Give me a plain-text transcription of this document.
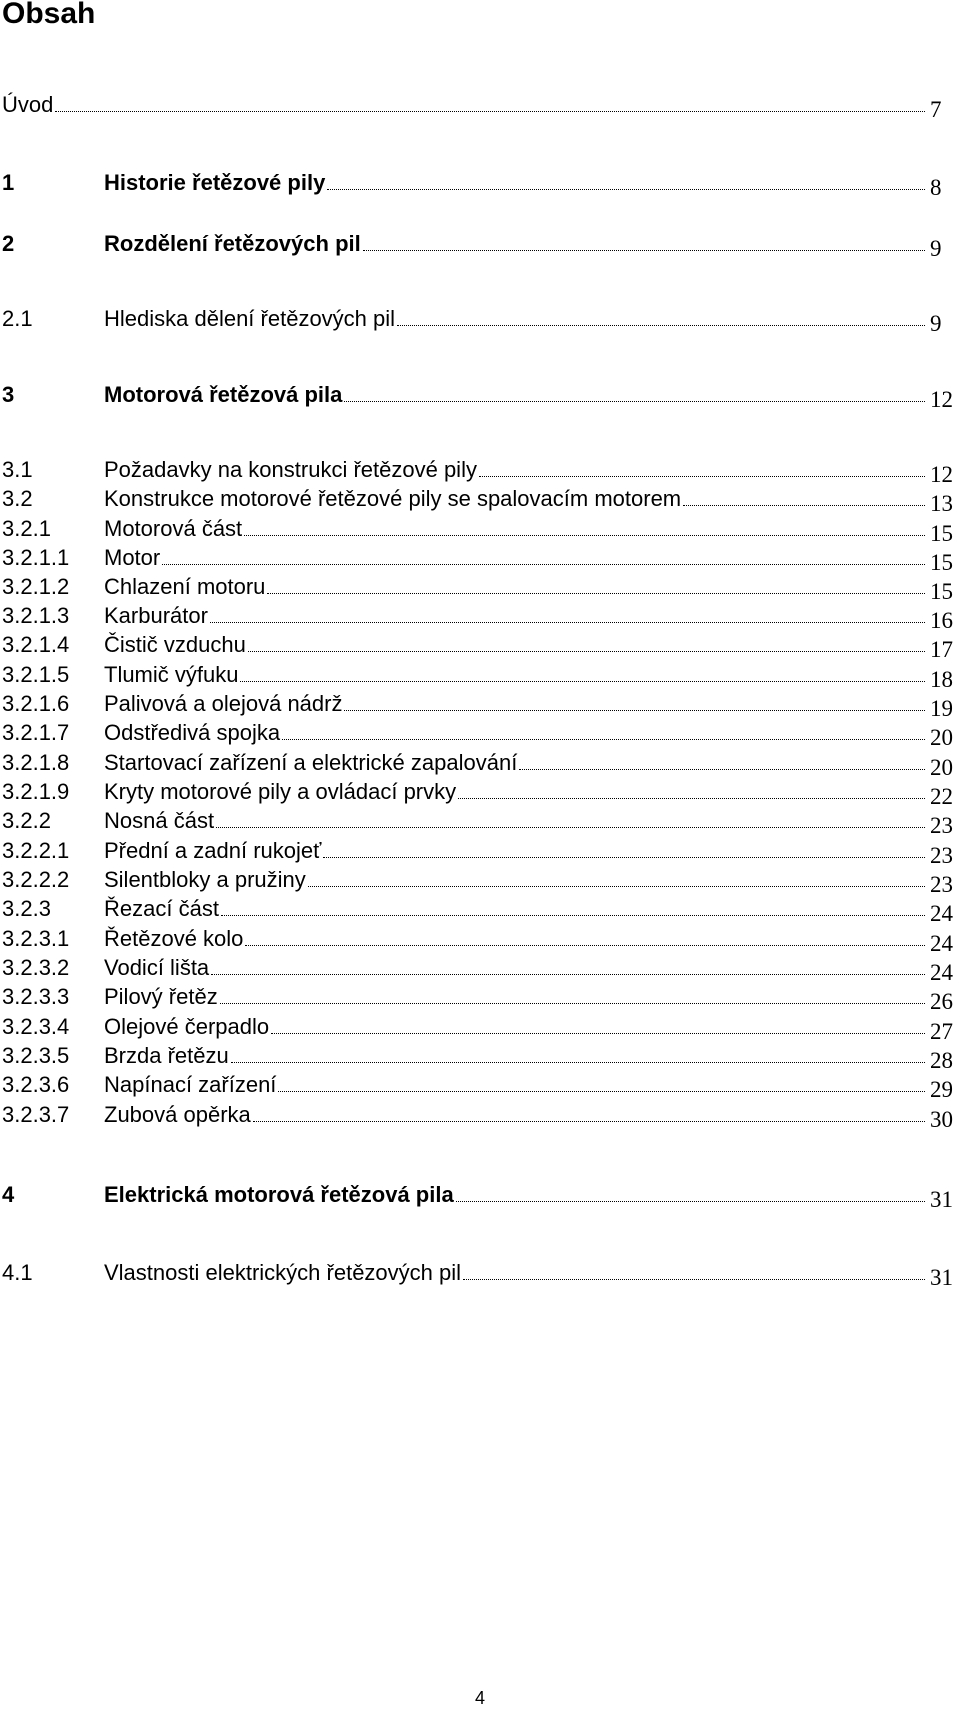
Obsah
Úvod	7
1	Historie řetězové pily	8
2	Rozdělení řetězových pil	9
2.1	Hlediska dělení řetězových pil	9
3	Motorová řetězová pila	12
3.1	Požadavky na konstrukci řetězové pily	12
3.2	Konstrukce motorové řetězové pily se spalovacím motorem	13
3.2.1 Motorová část	15
3.2.1.1 Motor	15
3.2.1.2 Chlazení motoru	15
3.2.1.3 Karburátor	16
3.2.1.4 Čistič vzduchu	17
3.2.1.5 Tlumič výfuku	18
3.2.1.6 Palivová a olejová nádrž	19
3.2.1.7 Odstředivá spojka	20
3.2.1.8 Startovací zařízení a elektrické zapalování	20
3.2.1.9 Kryty motorové pily a ovládací prvky	22
3.2.2 Nosná část	23
3.2.2.1 Přední a zadní rukojeť	23
3.2.2.2 Silentbloky a pružiny	23
3.2.3 Řezací část	24
3.2.3.1 Řetězové kolo	24
3.2.3.2 Vodicí lišta	24
3.2.3.3 Pilový řetěz	26
3.2.3.4 Olejové čerpadlo	27
3.2.3.5 Brzda řetězu	28
3.2.3.6 Napínací zařízení	29
3.2.3.7 Zubová opěrka	30
4	Elektrická motorová řetězová pila	31
4.1	Vlastnosti elektrických řetězových pil	31
4
